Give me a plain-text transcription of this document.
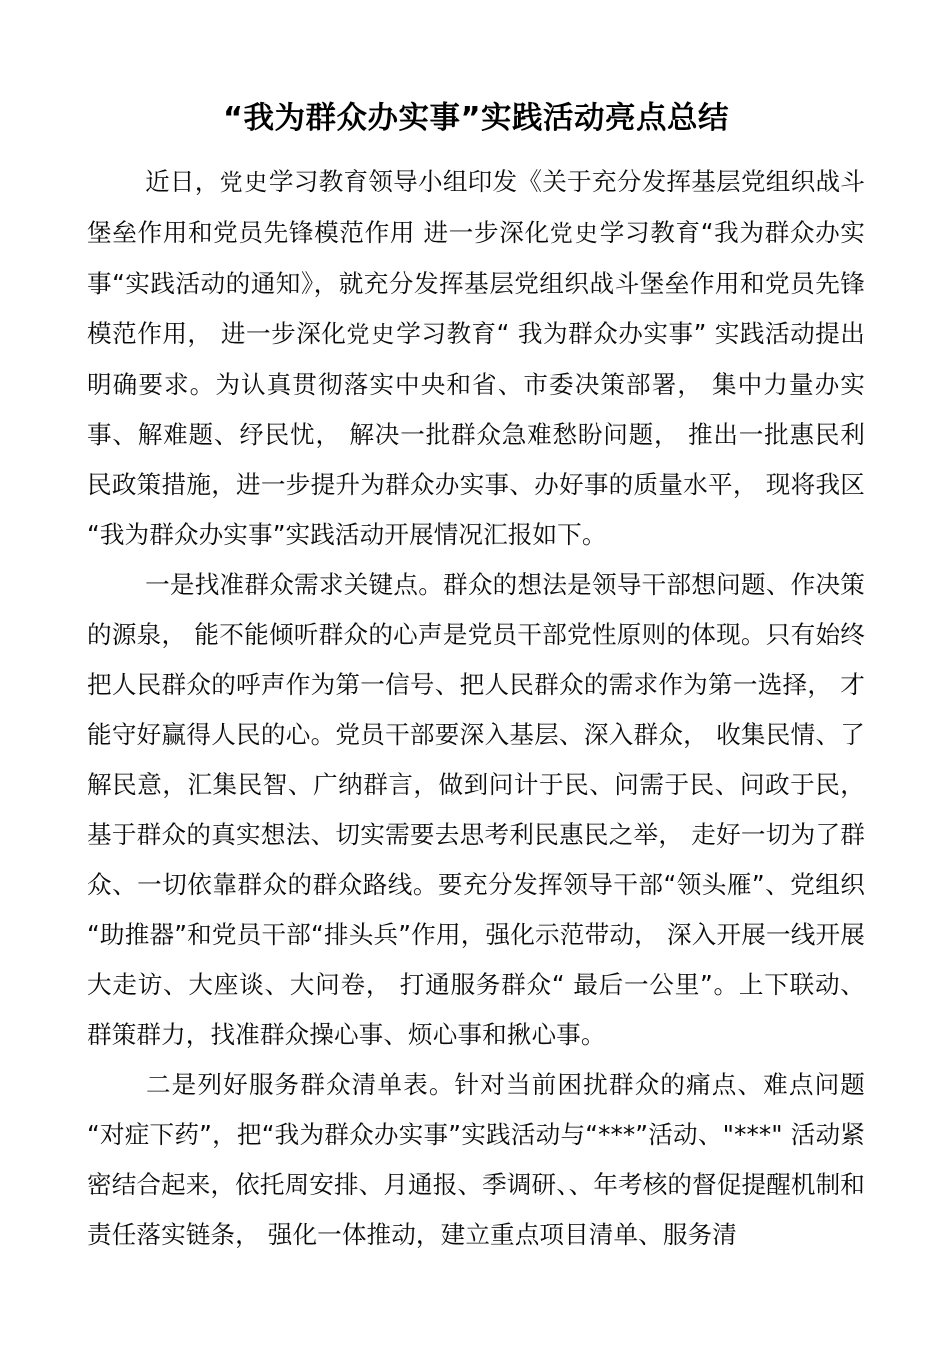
“我为群众办实事”实践活动亮点总结

近日，党史学习教育领导小组印发《关于充分发挥基层党组织战斗堡垒作用和党员先锋模范作用 进一步深化党史学习教育“我为群众办实事“实践活动的通知》，就充分发挥基层党组织战斗堡垒作用和党员先锋模范作用， 进一步深化党史学习教育“ 我为群众办实事” 实践活动提出明确要求。为认真贯彻落实中央和省、市委决策部署， 集中力量办实事、解难题、纾民忧， 解决一批群众急难愁盼问题， 推出一批惠民利民政策措施，进一步提升为群众办实事、办好事的质量水平， 现将我区“我为群众办实事”实践活动开展情况汇报如下。

一是找准群众需求关键点。群众的想法是领导干部想问题、作决策的源泉， 能不能倾听群众的心声是党员干部党性原则的体现。只有始终把人民群众的呼声作为第一信号、把人民群众的需求作为第一选择， 才能守好赢得人民的心。党员干部要深入基层、深入群众， 收集民情、了解民意，汇集民智、广纳群言，做到问计于民、问需于民、问政于民，基于群众的真实想法、切实需要去思考利民惠民之举， 走好一切为了群众、一切依靠群众的群众路线。要充分发挥领导干部“领头雁”、党组织“助推器”和党员干部“排头兵”作用，强化示范带动， 深入开展一线开展大走访、大座谈、大问卷， 打通服务群众“ 最后一公里”。上下联动、群策群力，找准群众操心事、烦心事和揪心事。

二是列好服务群众清单表。针对当前困扰群众的痛点、难点问题“对症下药”，把“我为群众办实事”实践活动与“***”活动、"***" 活动紧密结合起来，依托周安排、月通报、季调研、、年考核的督促提醒机制和责任落实链条， 强化一体推动，建立重点项目清单、服务清
